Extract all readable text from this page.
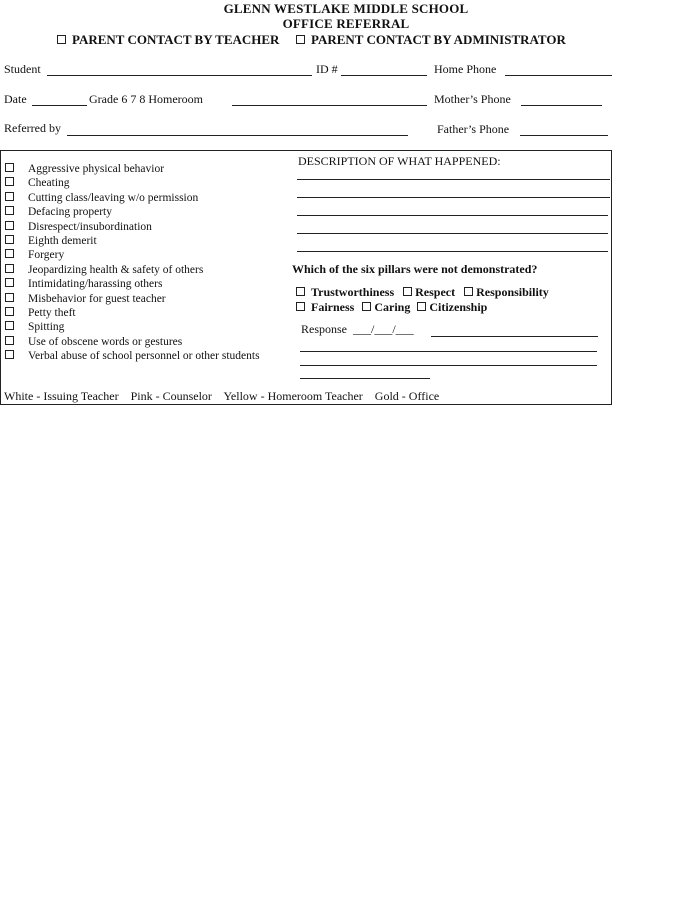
GLENN WESTLAKE MIDDLE SCHOOL
OFFICE REFERRAL
PARENT CONTACT BY TEACHER	PARENT CONTACT BY ADMINISTRATOR
Student	ID #	Home Phone
Date	Grade 6 7 8 Homeroom	Mother’s Phone
Referred by	Father’s Phone
Aggressive physical behavior
Cheating
Cutting class/leaving w/o permission
Defacing property
Disrespect/insubordination
Eighth demerit
Forgery
Jeopardizing health & safety of others
Intimidating/harassing others
Misbehavior for guest teacher
Petty theft
Spitting
Use of obscene words or gestures
Verbal abuse of school personnel or other students
DESCRIPTION OF WHAT HAPPENED:
Which of the six pillars were not demonstrated?
Trustworthiness Respect Responsibility
Fairness Caring Citizenship
Response ___/___/___
White - Issuing Teacher    Pink - Counselor    Yellow - Homeroom Teacher    Gold - Office
